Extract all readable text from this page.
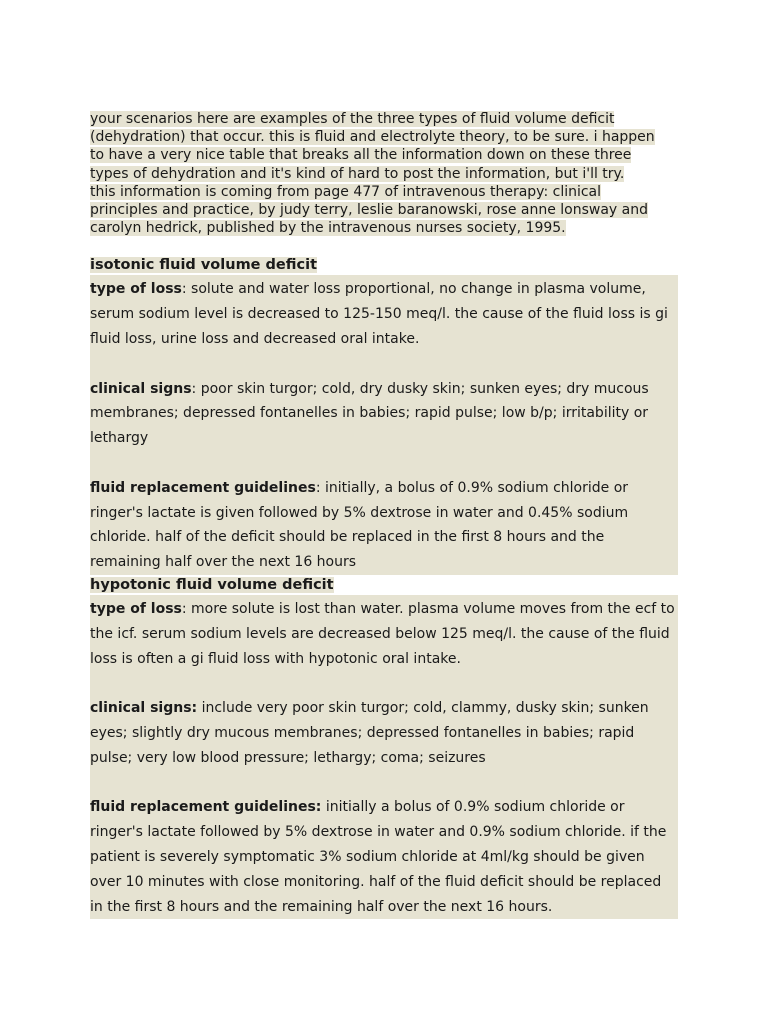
your scenarios here are examples of the three types of fluid volume deficit
(dehydration) that occur. this is fluid and electrolyte theory, to be sure. i happen
to have a very nice table that breaks all the information down on these three
types of dehydration and it's kind of hard to post the information, but i'll try.
this information is coming from page 477 of intravenous therapy: clinical
principles and practice, by judy terry, leslie baranowski, rose anne lonsway and
carolyn hedrick, published by the intravenous nurses society, 1995.
isotonic fluid volume deficit

type of loss: solute and water loss proportional, no change in plasma volume, serum sodium level is decreased to 125-150 meq/l. the cause of the fluid loss is gi fluid loss, urine loss and decreased oral intake.

clinical signs: poor skin turgor; cold, dry dusky skin; sunken eyes; dry mucous membranes; depressed fontanelles in babies; rapid pulse; low b/p; irritability or lethargy

fluid replacement guidelines: initially, a bolus of 0.9% sodium chloride or ringer's lactate is given followed by 5% dextrose in water and 0.45% sodium chloride. half of the deficit should be replaced in the first 8 hours and the remaining half over the next 16 hours

hypotonic fluid volume deficit

type of loss: more solute is lost than water. plasma volume moves from the ecf to the icf. serum sodium levels are decreased below 125 meq/l. the cause of the fluid loss is often a gi fluid loss with hypotonic oral intake.

clinical signs: include very poor skin turgor; cold, clammy, dusky skin; sunken eyes; slightly dry mucous membranes; depressed fontanelles in babies; rapid pulse; very low blood pressure; lethargy; coma; seizures

fluid replacement guidelines: initially a bolus of 0.9% sodium chloride or ringer's lactate followed by 5% dextrose in water and 0.9% sodium chloride. if the patient is severely symptomatic 3% sodium chloride at 4ml/kg should be given over 10 minutes with close monitoring. half of the fluid deficit should be replaced in the first 8 hours and the remaining half over the next 16 hours.
